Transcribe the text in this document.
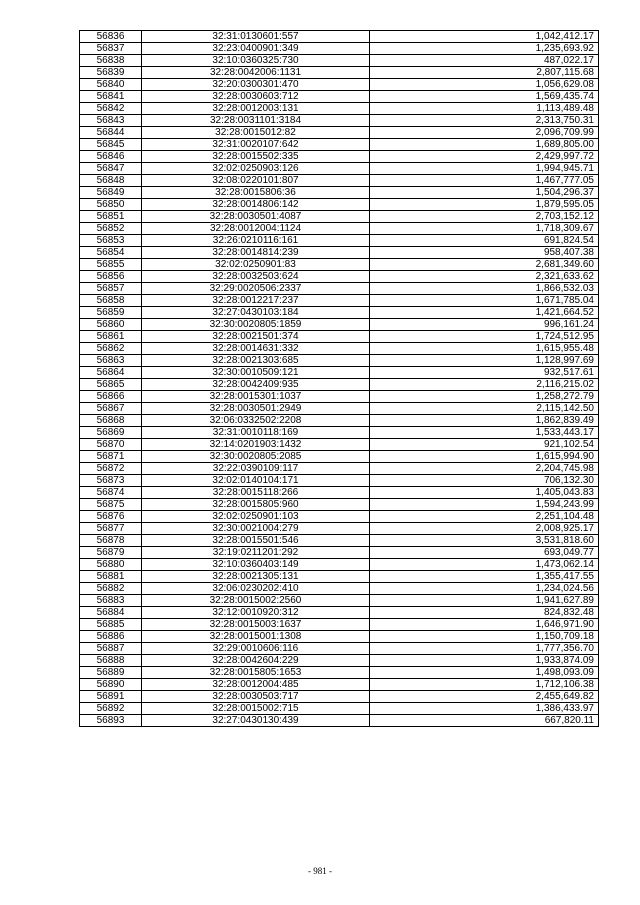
56836	32:31:0130601:557	1,042,412.17
56837	32:23:0400901:349	1,235,693.92
56838	32:10:0360325:730	487,022.17
56839	32:28:0042006:1131	2,807,115.68
56840	32:20:0300301:470	1,056,629.08
56841	32:28:0030603:712	1,569,435.74
56842	32:28:0012003:131	1,113,489.48
56843	32:28:0031101:3184	2,313,750.31
56844	32:28:0015012:82	2,096,709.99
56845	32:31:0020107:642	1,689,805.00
56846	32:28:0015502:335	2,429,997.72
56847	32:02:0250903:126	1,994,945.71
56848	32:08:0220101:807	1,467,777.05
56849	32:28:0015806:36	1,504,296.37
56850	32:28:0014806:142	1,879,595.05
56851	32:28:0030501:4087	2,703,152.12
56852	32:28:0012004:1124	1,718,309.67
56853	32:26:0210116:161	691,824.54
56854	32:28:0014814:239	958,407.38
56855	32:02:0250901:83	2,681,349.60
56856	32:28:0032503:624	2,321,633.62
56857	32:29:0020506:2337	1,866,532.03
56858	32:28:0012217:237	1,671,785.04
56859	32:27:0430103:184	1,421,664.52
56860	32:30:0020805:1859	996,161.24
56861	32:28:0021501:374	1,724,512.95
56862	32:28:0014631:332	1,615,955.48
56863	32:28:0021303:685	1,128,997.69
56864	32:30:0010509:121	932,517.61
56865	32:28:0042409:935	2,116,215.02
56866	32:28:0015301:1037	1,258,272.79
56867	32:28:0030501:2949	2,115,142.50
56868	32:06:0332502:2208	1,862,839.49
56869	32:31:0010118:169	1,533,443.17
56870	32:14:0201903:1432	921,102.54
56871	32:30:0020805:2085	1,615,994.90
56872	32:22:0390109:117	2,204,745.98
56873	32:02:0140104:171	706,132.30
56874	32:28:0015118:266	1,405,043.83
56875	32:28:0015805:960	1,594,243.99
56876	32:02:0250901:103	2,251,104.48
56877	32:30:0021004:279	2,008,925.17
56878	32:28:0015501:546	3,531,818.60
56879	32:19:0211201:292	693,049.77
56880	32:10:0360403:149	1,473,062.14
56881	32:28:0021305:131	1,355,417.55
56882	32:06:0230202:410	1,234,024.56
56883	32:28:0015002:2560	1,941,627.89
56884	32:12:0010920:312	824,832.48
56885	32:28:0015003:1637	1,646,971.90
56886	32:28:0015001:1308	1,150,709.18
56887	32:29:0010606:116	1,777,356.70
56888	32:28:0042604:229	1,933,874.09
56889	32:28:0015805:1653	1,498,093.09
56890	32:28:0012004:485	1,712,106.38
56891	32:28:0030503:717	2,455,649.82
56892	32:28:0015002:715	1,386,433.97
56893	32:27:0430130:439	667,820.11
- 981 -
